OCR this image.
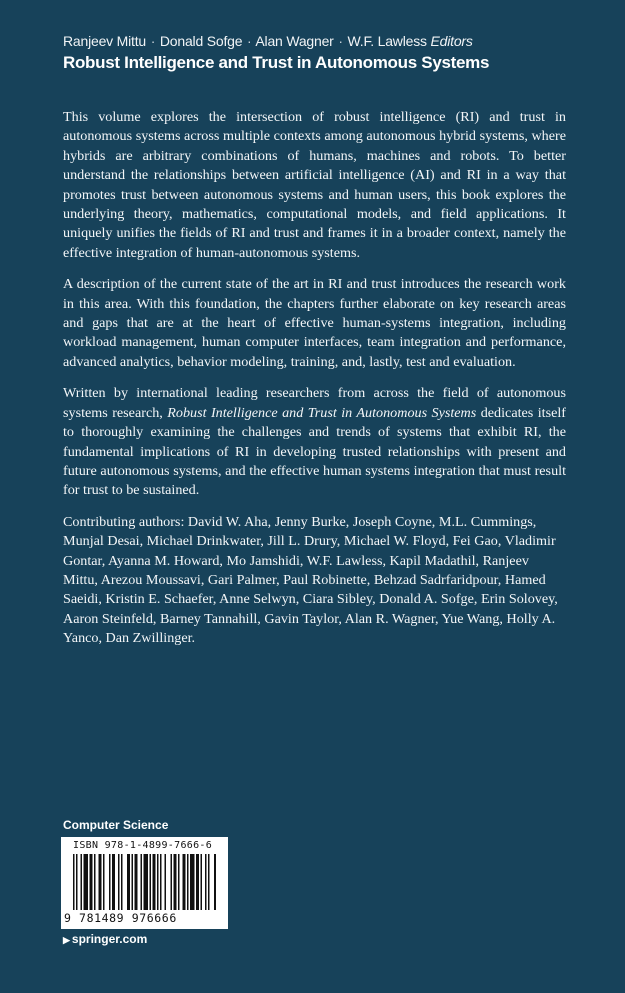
Ranjeev Mittu · Donald Sofge · Alan Wagner · W.F. Lawless Editors
Robust Intelligence and Trust in Autonomous Systems

This volume explores the intersection of robust intelligence (RI) and trust in autonomous systems across multiple contexts among autonomous hybrid systems, where hybrids are arbitrary combinations of humans, machines and robots. To better understand the relationships between artificial intelligence (AI) and RI in a way that promotes trust between autonomous systems and human users, this book explores the underlying theory, mathematics, computational models, and field applications. It uniquely unifies the fields of RI and trust and frames it in a broader context, namely the effective integration of human-autonomous systems.

A description of the current state of the art in RI and trust introduces the research work in this area. With this foundation, the chapters further elaborate on key research areas and gaps that are at the heart of effective human-systems integration, including workload management, human computer interfaces, team integration and performance, advanced analytics, behavior modeling, training, and, lastly, test and evaluation.

Written by international leading researchers from across the field of autonomous systems research, Robust Intelligence and Trust in Autonomous Systems dedicates itself to thoroughly examining the challenges and trends of systems that exhibit RI, the fundamental implications of RI in developing trusted relationships with present and future autonomous systems, and the effective human systems integration that must result for trust to be sustained.

Contributing authors: David W. Aha, Jenny Burke, Joseph Coyne, M.L. Cummings, Munjal Desai, Michael Drinkwater, Jill L. Drury, Michael W. Floyd, Fei Gao, Vladimir Gontar, Ayanna M. Howard, Mo Jamshidi, W.F. Lawless, Kapil Madathil, Ranjeev Mittu, Arezou Moussavi, Gari Palmer, Paul Robinette, Behzad Sadrfaridpour, Hamed Saeidi, Kristin E. Schaefer, Anne Selwyn, Ciara Sibley, Donald A. Sofge, Erin Solovey, Aaron Steinfeld, Barney Tannahill, Gavin Taylor, Alan R. Wagner, Yue Wang, Holly A. Yanco, Dan Zwillinger.

Computer Science
ISBN 978-1-4899-7666-6
9 781489 976666
▶ springer.com
